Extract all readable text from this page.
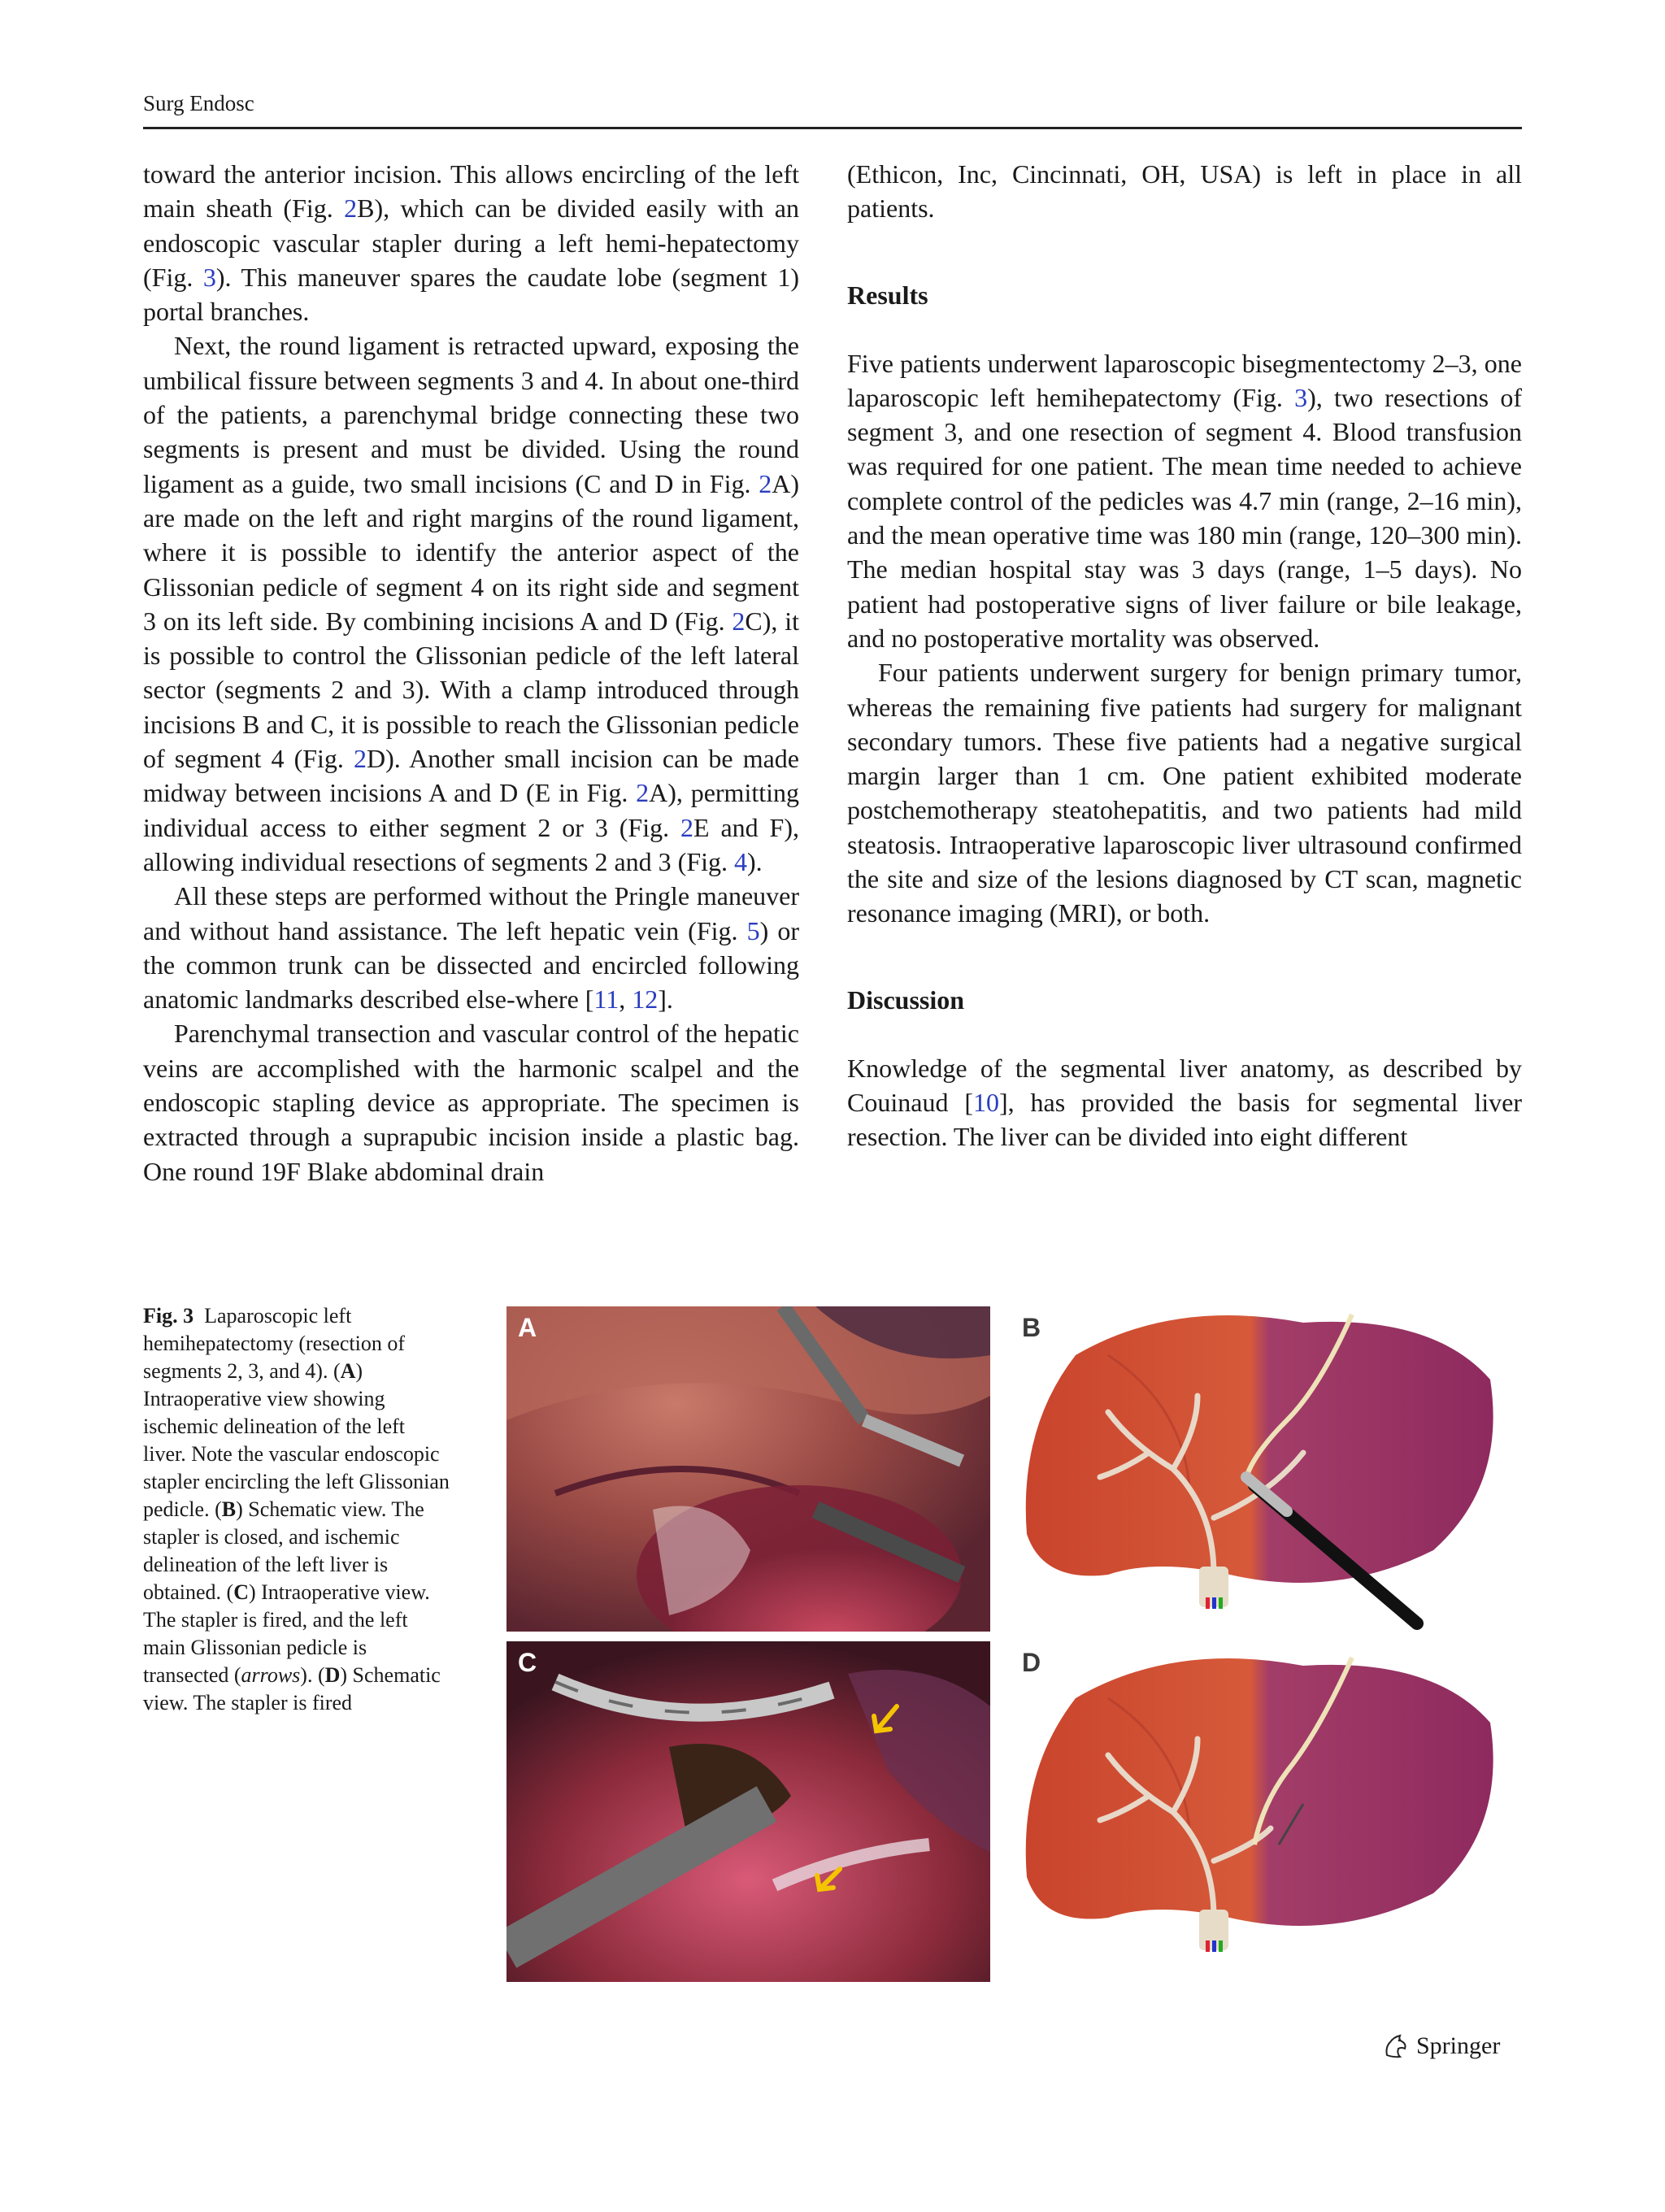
Surg Endosc

toward the anterior incision. This allows encircling of the left main sheath (Fig. 2B), which can be divided easily with an endoscopic vascular stapler during a left hemi-hepatectomy (Fig. 3). This maneuver spares the caudate lobe (segment 1) portal branches.

Next, the round ligament is retracted upward, exposing the umbilical fissure between segments 3 and 4. In about one-third of the patients, a parenchymal bridge connecting these two segments is present and must be divided. Using the round ligament as a guide, two small incisions (C and D in Fig. 2A) are made on the left and right margins of the round ligament, where it is possible to identify the anterior aspect of the Glissonian pedicle of segment 4 on its right side and segment 3 on its left side. By combining incisions A and D (Fig. 2C), it is possible to control the Glissonian pedicle of the left lateral sector (segments 2 and 3). With a clamp introduced through incisions B and C, it is possible to reach the Glissonian pedicle of segment 4 (Fig. 2D). Another small incision can be made midway between incisions A and D (E in Fig. 2A), permitting individual access to either segment 2 or 3 (Fig. 2E and F), allowing individual resections of segments 2 and 3 (Fig. 4).

All these steps are performed without the Pringle maneuver and without hand assistance. The left hepatic vein (Fig. 5) or the common trunk can be dissected and encircled following anatomic landmarks described else-where [11, 12].

Parenchymal transection and vascular control of the hepatic veins are accomplished with the harmonic scalpel and the endoscopic stapling device as appropriate. The specimen is extracted through a suprapubic incision inside a plastic bag. One round 19F Blake abdominal drain

(Ethicon, Inc, Cincinnati, OH, USA) is left in place in all patients.

Results

Five patients underwent laparoscopic bisegmentectomy 2–3, one laparoscopic left hemihepatectomy (Fig. 3), two resections of segment 3, and one resection of segment 4. Blood transfusion was required for one patient. The mean time needed to achieve complete control of the pedicles was 4.7 min (range, 2–16 min), and the mean operative time was 180 min (range, 120–300 min). The median hospital stay was 3 days (range, 1–5 days). No patient had postoperative signs of liver failure or bile leakage, and no postoperative mortality was observed.

Four patients underwent surgery for benign primary tumor, whereas the remaining five patients had surgery for malignant secondary tumors. These five patients had a negative surgical margin larger than 1 cm. One patient exhibited moderate postchemotherapy steatohepatitis, and two patients had mild steatosis. Intraoperative laparoscopic liver ultrasound confirmed the site and size of the lesions diagnosed by CT scan, magnetic resonance imaging (MRI), or both.

Discussion

Knowledge of the segmental liver anatomy, as described by Couinaud [10], has provided the basis for segmental liver resection. The liver can be divided into eight different

Fig. 3 Laparoscopic left hemihepatectomy (resection of segments 2, 3, and 4). (A) Intraoperative view showing ischemic delineation of the left liver. Note the vascular endoscopic stapler encircling the left Glissonian pedicle. (B) Schematic view. The stapler is closed, and ischemic delineation of the left liver is obtained. (C) Intraoperative view. The stapler is fired, and the left main Glissonian pedicle is transected (arrows). (D) Schematic view. The stapler is fired
A	B
C	D
Springer
